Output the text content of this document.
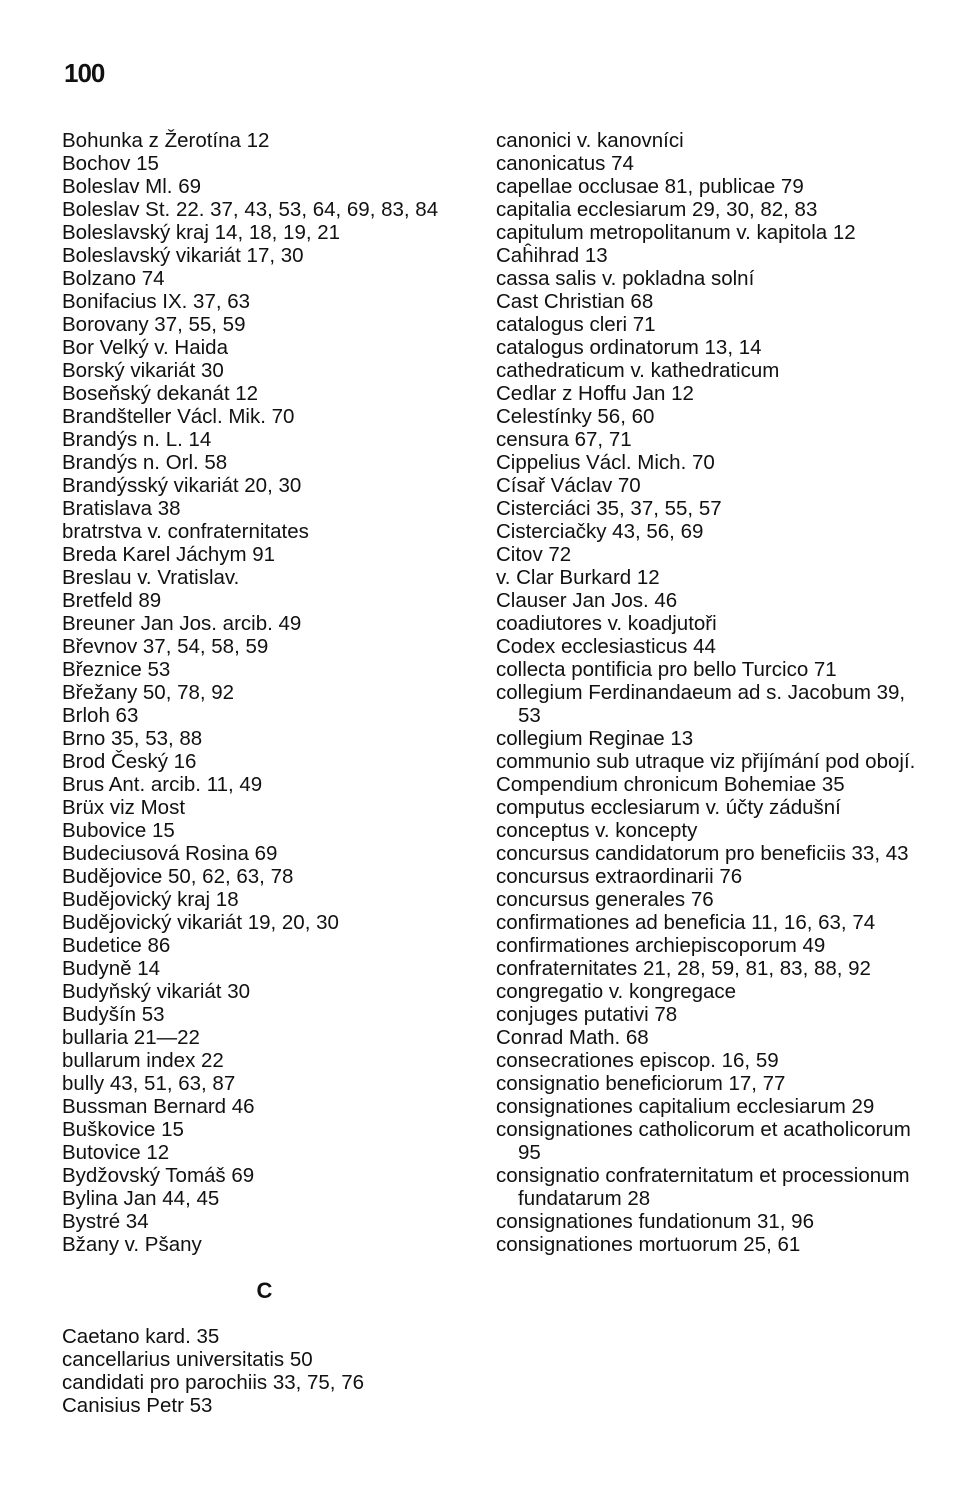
100

Bohunka z Žerotína 12

Bochov 15

Boleslav Ml. 69

Boleslav St. 22. 37, 43, 53, 64, 69, 83, 84

Boleslavský kraj 14, 18, 19, 21

Boleslavský vikariát 17, 30

Bolzano 74

Bonifacius IX. 37, 63

Borovany 37, 55, 59

Bor Velký v. Haida

Borský vikariát 30

Boseňský dekanát 12

Brandšteller Václ. Mik. 70

Brandýs n. L. 14

Brandýs n. Orl. 58

Brandýsský vikariát 20, 30

Bratislava 38

bratrstva v. confraternitates

Breda Karel Jáchym 91

Breslau v. Vratislav.

Bretfeld 89

Breuner Jan Jos. arcib. 49

Břevnov 37, 54, 58, 59

Březnice 53

Břežany 50, 78, 92

Brloh 63

Brno 35, 53, 88

Brod Český 16

Brus Ant. arcib. 11, 49

Brüx viz Most

Bubovice 15

Budeciusová Rosina 69

Budějovice 50, 62, 63, 78

Budějovický kraj 18

Budějovický vikariát 19, 20, 30

Budetice 86

Budyně 14

Budyňský vikariát 30

Budyšín 53

bullaria 21—22

bullarum index 22

bully 43, 51, 63, 87

Bussman Bernard 46

Buškovice 15

Butovice 12

Bydžovský Tomáš 69

Bylina Jan 44, 45

Bystré 34

Bžany v. Pšany

C

Caetano kard. 35

cancellarius universitatis 50

candidati pro parochiis 33, 75, 76

Canisius Petr 53

canonici v. kanovníci

canonicatus 74

capellae occlusae 81, publicae 79

capitalia ecclesiarum 29, 30, 82, 83

capitulum metropolitanum v. kapitola 12

Caĥihrad 13

cassa salis v. pokladna solní

Cast Christian 68

catalogus cleri 71

catalogus ordinatorum 13, 14

cathedraticum v. kathedraticum

Cedlar z Hoffu Jan 12

Celestínky 56, 60

censura 67, 71

Cippelius Václ. Mich. 70

Císař Václav 70

Cisterciáci 35, 37, 55, 57

Cisterciačky 43, 56, 69

Citov 72

v. Clar Burkard 12

Clauser Jan Jos. 46

coadiutores v. koadjutoři

Codex ecclesiasticus 44

collecta pontificia pro bello Turcico 71

collegium Ferdinandaeum ad s. Jacobum 39, 53

collegium Reginae 13

communio sub utraque viz přijímání pod obojí.

Compendium chronicum Bohemiae 35

computus ecclesiarum v. účty zádušní

conceptus v. koncepty

concursus candidatorum pro beneficiis 33, 43

concursus extraordinarii 76

concursus generales 76

confirmationes ad beneficia 11, 16, 63, 74

confirmationes archiepiscoporum 49

confraternitates 21, 28, 59, 81, 83, 88, 92

congregatio v. kongregace

conjuges putativi 78

Conrad Math. 68

consecrationes episcop. 16, 59

consignatio beneficiorum 17, 77

consignationes capitalium ecclesiarum 29

consignationes catholicorum et acatholicorum 95

consignatio confraternitatum et processionum fundatarum 28

consignationes fundationum 31, 96

consignationes mortuorum 25, 61
